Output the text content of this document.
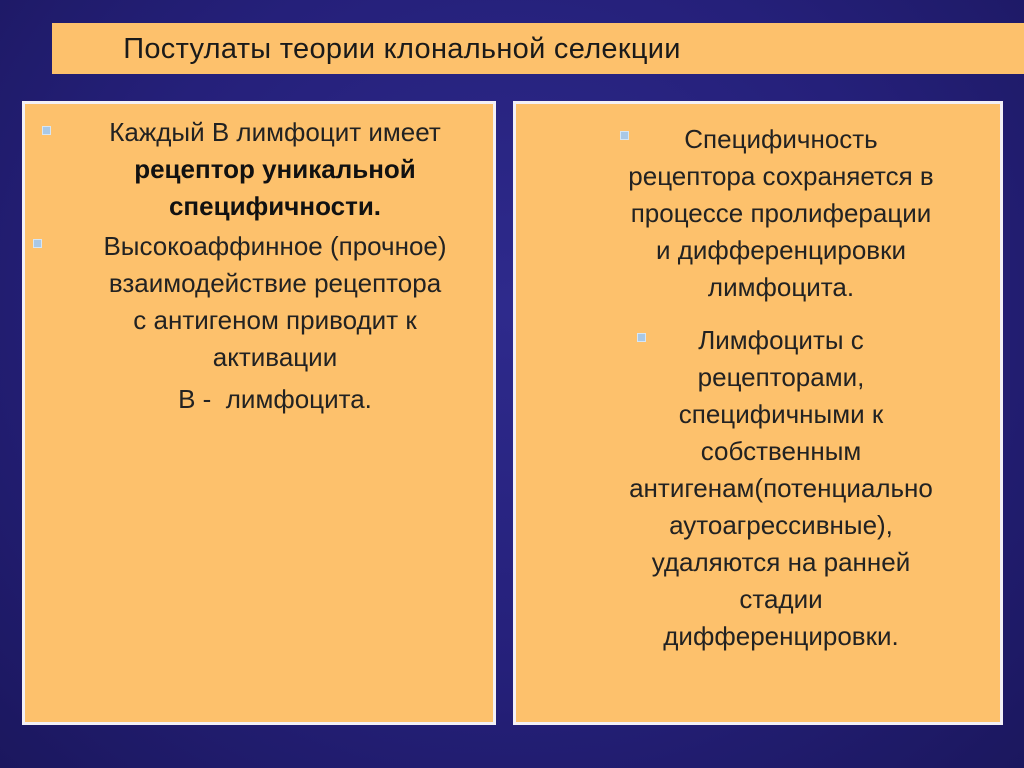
Постулаты теории клональной селекции
Каждый В лимфоцит имеет
рецептор уникальной
специфичности.
Высокоаффинное (прочное)
взаимодействие рецептора
с антигеном приводит к
активации
В -  лимфоцита.
Специфичность
рецептора сохраняется в
процессе пролиферации
и дифференцировки
лимфоцита.
Лимфоциты с
рецепторами,
специфичными к
собственным
антигенам(потенциально
аутоагрессивные),
удаляются на ранней
стадии
дифференцировки.
